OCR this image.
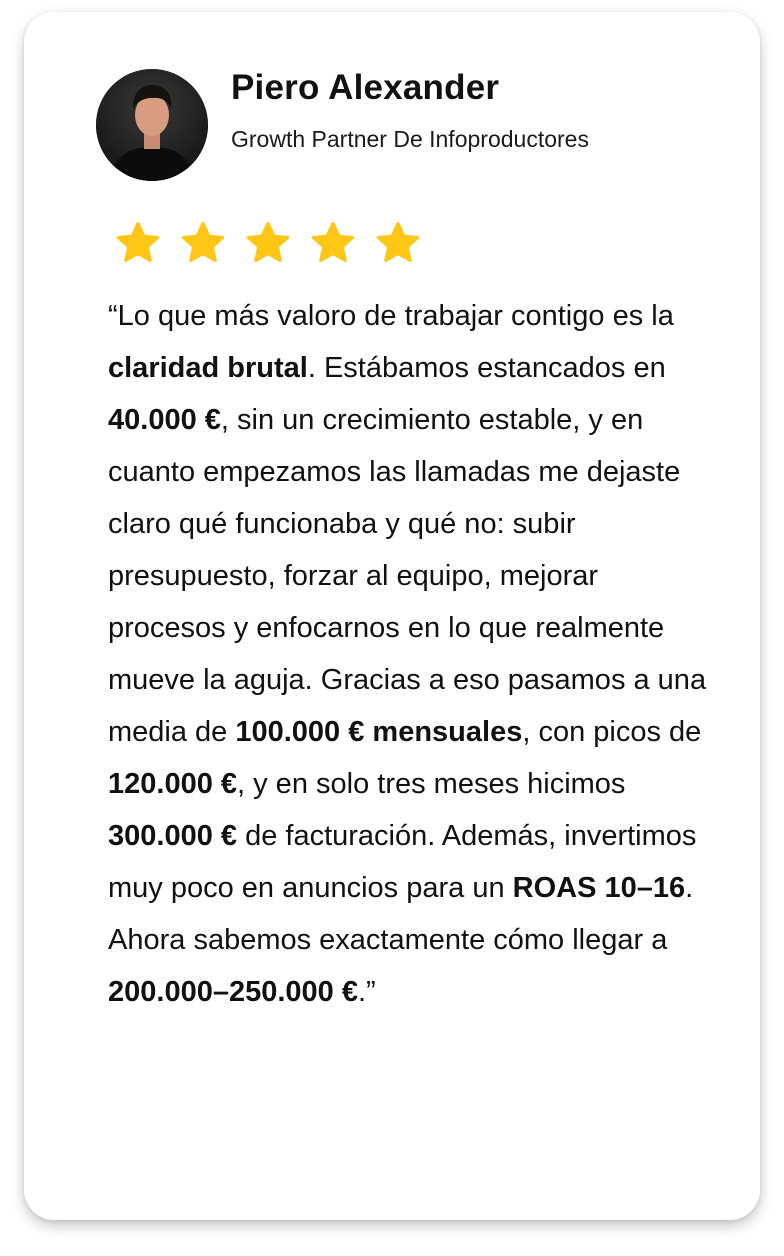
Piero Alexander
Growth Partner De Infoproductores

“Lo que más valoro de trabajar contigo es la claridad brutal. Estábamos estancados en 40.000 €, sin un crecimiento estable, y en cuanto empezamos las llamadas me dejaste claro qué funcionaba y qué no: subir presupuesto, forzar al equipo, mejorar procesos y enfocarnos en lo que realmente mueve la aguja. Gracias a eso pasamos a una media de 100.000 € mensuales, con picos de 120.000 €, y en solo tres meses hicimos 300.000 € de facturación. Además, invertimos muy poco en anuncios para un ROAS 10–16. Ahora sabemos exactamente cómo llegar a 200.000–250.000 €.”
